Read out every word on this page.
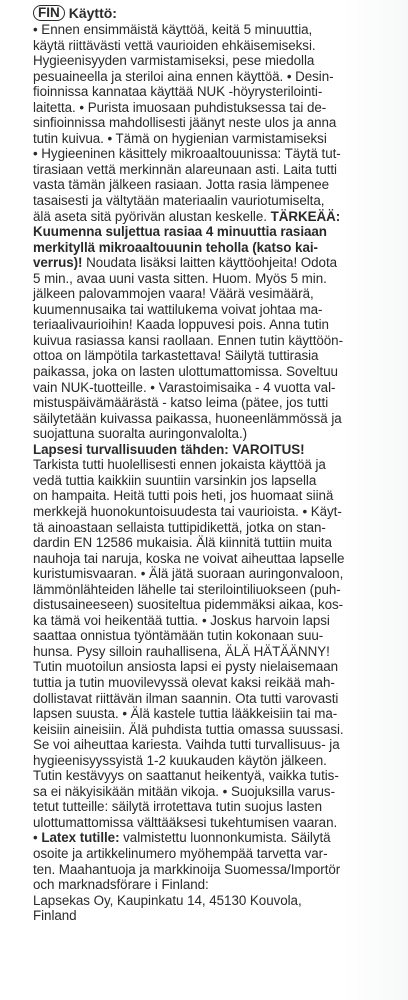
FIN Käyttö:

• Ennen ensimmäistä käyttöä, keitä 5 minuuttia,
käytä riittävästi vettä vaurioiden ehkäisemiseksi.
Hygieenisyyden varmistamiseksi, pese miedolla
pesuaineella ja steriloi aina ennen käyttöä. • Desin-
fioinnissa kannataa käyttää NUK -höyrysterilointi-
laitetta. • Purista imuosaan puhdistuksessa tai de-
sinfioinnissa mahdollisesti jäänyt neste ulos ja anna
tutin kuivua. • Tämä on hygienian varmistamiseksi
• Hygieeninen käsittely mikroaaltouunissa: Täytä tut-
tirasiaan vettä merkinnän alareunaan asti. Laita tutti
vasta tämän jälkeen rasiaan. Jotta rasia lämpenee
tasaisesti ja vältytään materiaalin vauriotumiselta,
älä aseta sitä pyörivän alustan keskelle. TÄRKEÄÄ:
Kuumenna suljettua rasiaa 4 minuuttia rasiaan
merkityllä mikroaaltouunin teholla (katso kai-
verrus)! Noudata lisäksi laitten käyttöohjeita! Odota
5 min., avaa uuni vasta sitten. Huom. Myös 5 min.
jälkeen palovammojen vaara! Väärä vesimäärä,
kuumennusaika tai wattilukema voivat johtaa ma-
teriaalivaurioihin! Kaada loppuvesi pois. Anna tutin
kuivua rasiassa kansi raollaan. Ennen tutin käyttöön-
ottoa on lämpötila tarkastettava! Säilytä tuttirasia
paikassa, joka on lasten ulottumattomissa. Soveltuu
vain NUK-tuotteille. • Varastoimisaika - 4 vuotta val-
mistuspäivämäärästä - katso leima (pätee, jos tutti
säilytetään kuivassa paikassa, huoneenlämmössä ja
suojattuna suoralta auringonvalolta.)

Lapsesi turvallisuuden tähden: VAROITUS!

Tarkista tutti huolellisesti ennen jokaista käyttöä ja
vedä tuttia kaikkiin suuntiin varsinkin jos lapsella
on hampaita. Heitä tutti pois heti, jos huomaat siinä
merkkejä huonokuntoisuudesta tai vaurioista. • Käyt-
tä ainoastaan sellaista tuttipidikettä, jotka on stan-
dardin EN 12586 mukaisia. Älä kiinnitä tuttiin muita
nauhoja tai naruja, koska ne voivat aiheuttaa lapselle
kuristumisvaaran. • Älä jätä suoraan auringonvaloon,
lämmönlähteiden lähelle tai sterilointiliuokseen (puh-
distusaineeseen) suositeltua pidemmäksi aikaa, kos-
ka tämä voi heikentää tuttia. • Joskus harvoin lapsi
saattaa onnistua työntämään tutin kokonaan suu-
hunsa. Pysy silloin rauhallisena, ÄLÄ HÄTÄÄNNY!
Tutin muotoilun ansiosta lapsi ei pysty nielaisemaan
tuttia ja tutin muovilevyssä olevat kaksi reikää mah-
dollistavat riittävän ilman saannin. Ota tutti varovasti
lapsen suusta. • Älä kastele tuttia lääkkeisiin tai ma-
keisiin aineisiin. Älä puhdista tuttia omassa suussasi.
Se voi aiheuttaa kariesta. Vaihda tutti turvallisuus- ja
hygieenisyyssyistä 1-2 kuukauden käytön jälkeen.
Tutin kestävyys on saattanut heikentyä, vaikka tutis-
sa ei näkyisikään mitään vikoja. • Suojuksilla varus-
tetut tutteille: säilytä irrotettava tutin suojus lasten
ulottumattomissa välttääksesi tukehtumisen vaaran.

• Latex tutille: valmistettu luonnonkumista. Säilytä
osoite ja artikkelinumero myöhempää tarvetta var-
ten. Maahantuoja ja markkinoija Suomessa/Importör
och marknadsförare i Finland:
Lapsekas Oy, Kaupinkatu 14, 45130 Kouvola,
Finland
